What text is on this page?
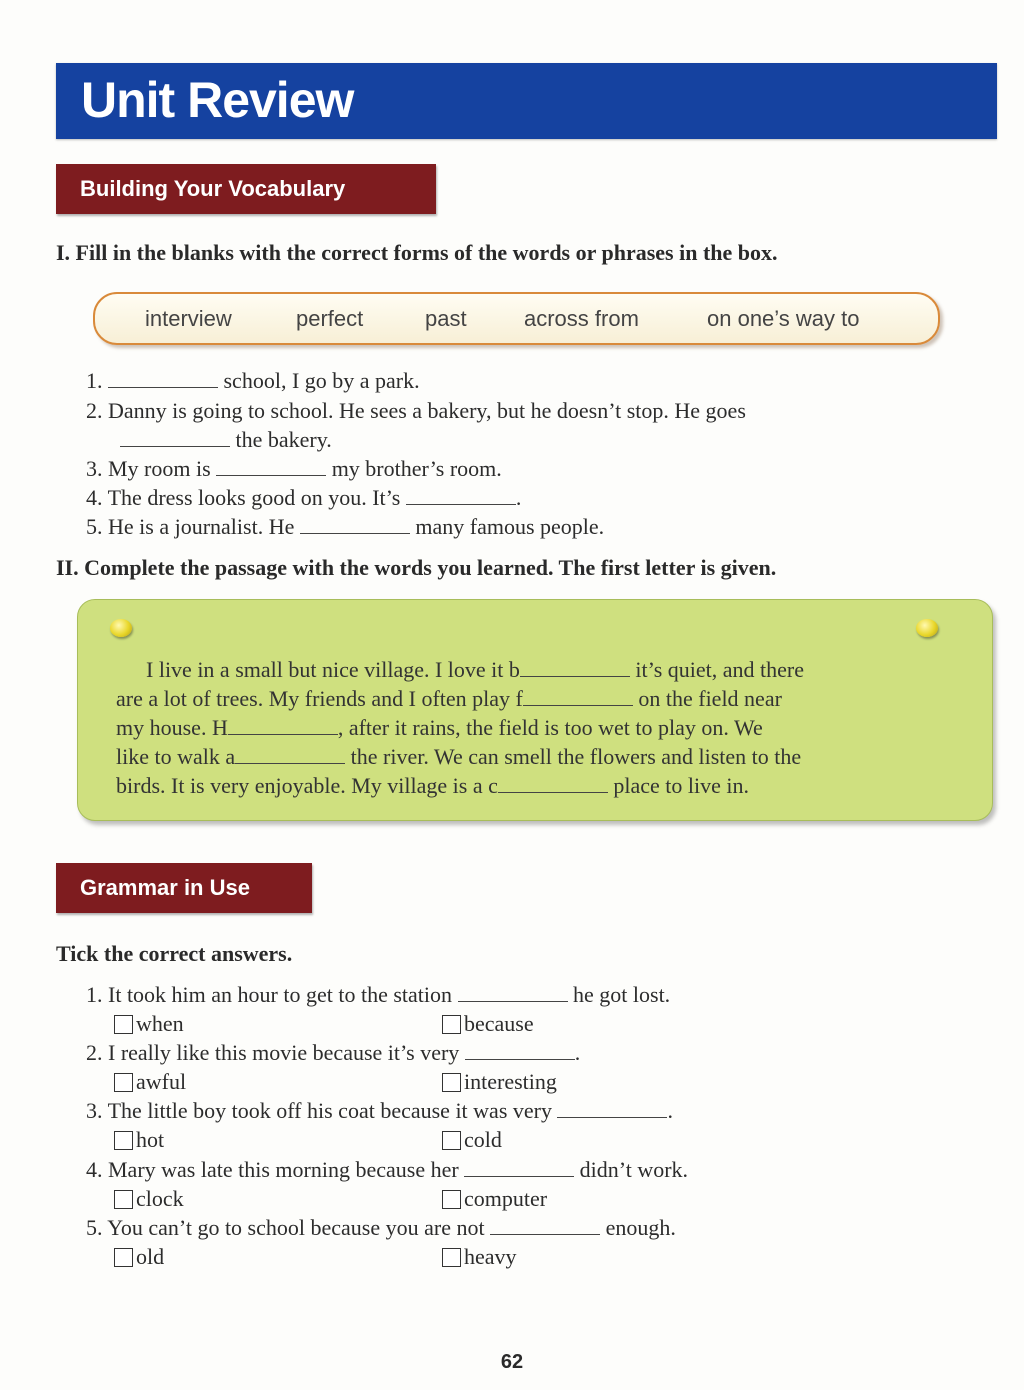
Unit Review
Building Your Vocabulary
I. Fill in the blanks with the correct forms of the words or phrases in the box.
interview	perfect	past	across from	on one’s way to
1.	school, I go by a park.
2. Danny is going to school. He sees a bakery, but he doesn’t stop. He goes
the bakery.
3. My room is	my brother’s room.
4. The dress looks good on you. It’s	.
5. He is a journalist. He	many famous people.
II. Complete the passage with the words you learned. The first letter is given.
I live in a small but nice village. I love it b	it’s quiet, and there
are a lot of trees. My friends and I often play f	on the field near
my house. H	, after it rains, the field is too wet to play on. We
like to walk a	the river. We can smell the flowers and listen to the
birds. It is very enjoyable. My village is a c	place to live in.
Grammar in Use
Tick the correct answers.
1. It took him an hour to get to the station	he got lost.
when	because
2. I really like this movie because it’s very	.
awful	interesting
3. The little boy took off his coat because it was very	.
hot	cold
4. Mary was late this morning because her	didn’t work.
clock	computer
5. You can’t go to school because you are not	enough.
old	heavy
62
